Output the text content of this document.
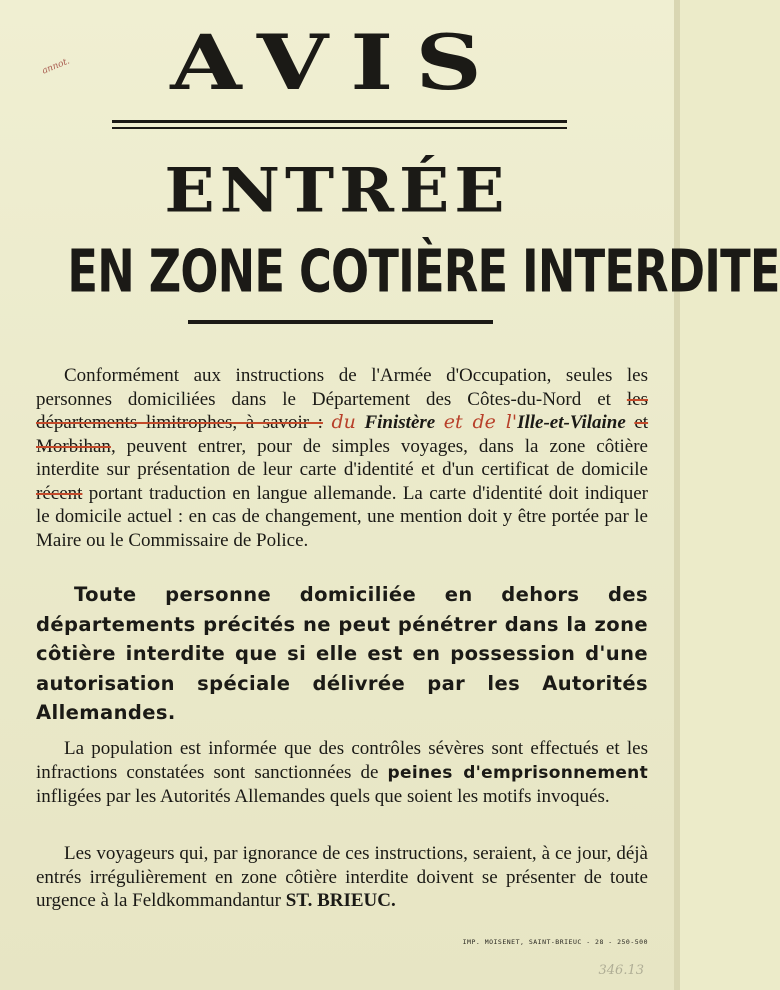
annot.	AVIS
ENTRÉE
EN ZONE COTIÈRE INTERDITE
Conformément aux instructions de l'Armée d'Occupation, seules les personnes domiciliées dans le Département des Côtes-du-Nord et les départements limitrophes, à savoir : du Finistère et de l'Ille-et-Vilaine et Morbihan, peuvent entrer, pour de simples voyages, dans la zone côtière interdite sur présentation de leur carte d'identité et d'un certificat de domicile récent portant traduction en langue allemande. La carte d'identité doit indiquer le domicile actuel : en cas de changement, une mention doit y être portée par le Maire ou le Commissaire de Police.
Toute personne domiciliée en dehors des départements précités ne peut pénétrer dans la zone côtière interdite que si elle est en possession d'une autorisation spéciale délivrée par les Autorités Allemandes.
La population est informée que des contrôles sévères sont effectués et les infractions constatées sont sanctionnées de peines d'emprisonnement infligées par les Autorités Allemandes quels que soient les motifs invoqués.
Les voyageurs qui, par ignorance de ces instructions, seraient, à ce jour, déjà entrés irrégulièrement en zone côtière interdite doivent se présenter de toute urgence à la Feldkommandantur ST. BRIEUC.
IMP. MOISENET, SAINT-BRIEUC - 28 - 250-500
346.13
